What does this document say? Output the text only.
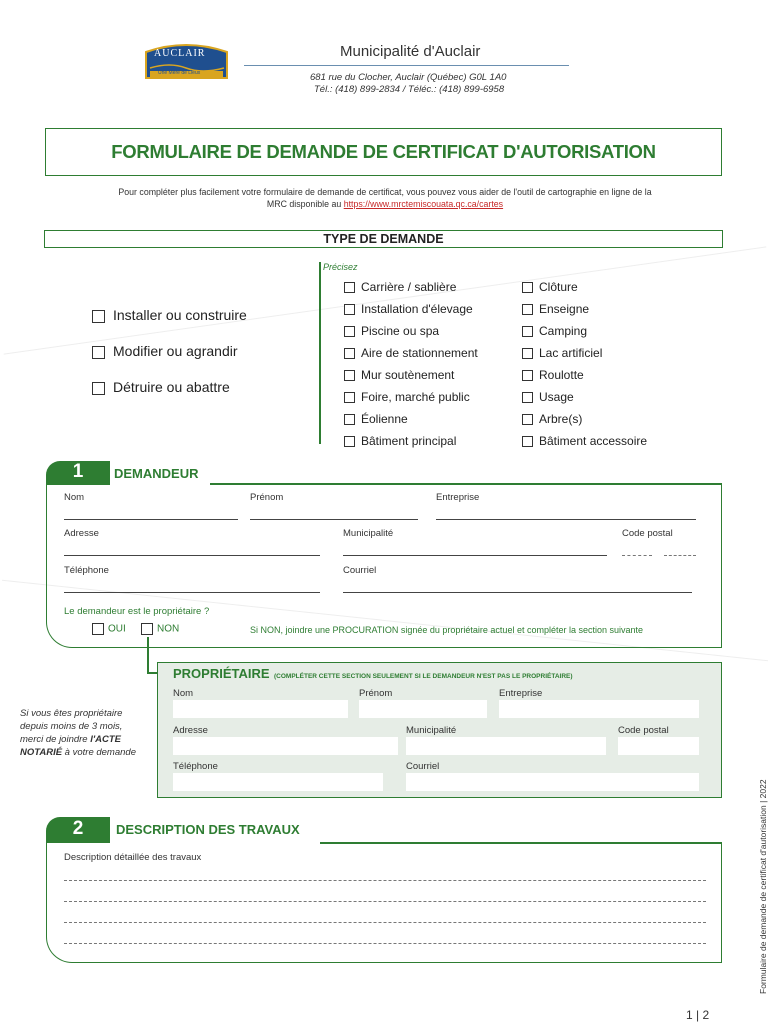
AUCLAIR
Une Mère de Lieux
Municipalité d'Auclair
681 rue du Clocher, Auclair (Québec) G0L 1A0
Tél.: (418) 899-2834 / Téléc.: (418) 899-6958
FORMULAIRE DE DEMANDE DE CERTIFICAT D'AUTORISATION
Pour compléter plus facilement votre formulaire de demande de certificat, vous pouvez vous aider de l'outil de cartographie en ligne de la
MRC disponible au https://www.mrctemiscouata.qc.ca/cartes
TYPE DE DEMANDE
Précisez
Installer ou construire
Modifier ou agrandir
Détruire ou abattre
Carrière / sablière
Installation d'élevage
Piscine ou spa
Aire de stationnement
Mur soutènement
Foire, marché public
Éolienne
Bâtiment principal
Clôture
Enseigne
Camping
Lac artificiel
Roulotte
Usage
Arbre(s)
Bâtiment accessoire
1	DEMANDEUR
Nom	Prénom	Entreprise
Adresse	Municipalité	Code postal
Téléphone	Courriel
Le demandeur est le propriétaire ?
OUI	NON	Si NON, joindre une PROCURATION signée du propriétaire actuel et compléter la section suivante
PROPRIÉTAIRE (COMPLÉTER CETTE SECTION SEULEMENT SI LE DEMANDEUR N'EST PAS LE PROPRIÉTAIRE)
Nom	Prénom	Entreprise
Adresse	Municipalité	Code postal
Téléphone	Courriel
Si vous êtes propriétaire
depuis moins de 3 mois,
merci de joindre l'ACTE
NOTARIÉ à votre demande
2	DESCRIPTION DES TRAVAUX
Description détaillée des travaux	Formulaire de demande de certificat d'autorisation | 2022
1 | 2
